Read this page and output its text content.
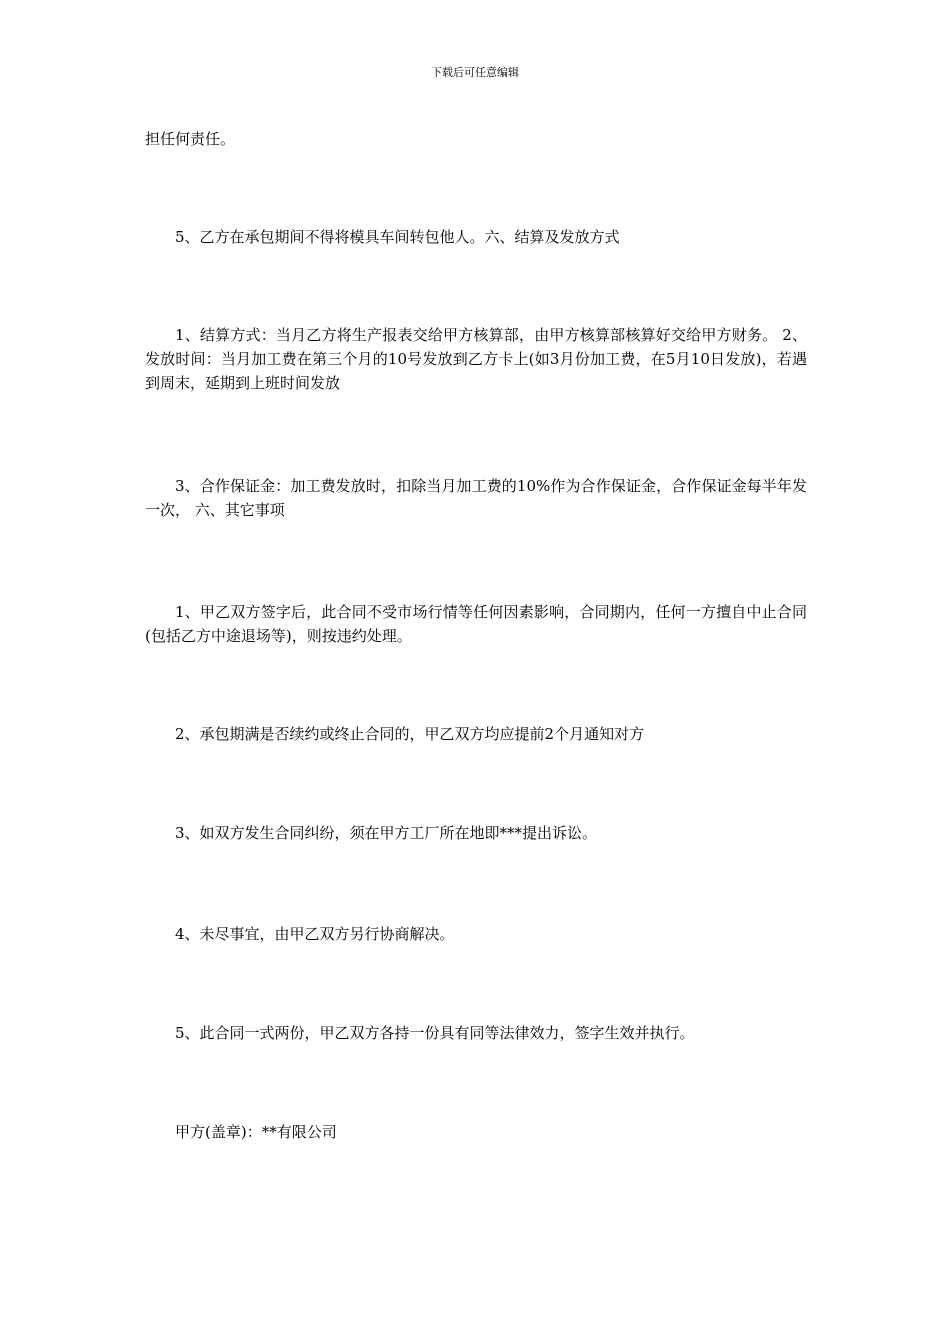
下载后可任意编辑

担任何责任。

5、乙方在承包期间不得将模具车间转包他人。六、结算及发放方式

1、结算方式：当月乙方将生产报表交给甲方核算部，由甲方核算部核算好交给甲方财务。 2、发放时间：当月加工费在第三个月的10号发放到乙方卡上(如3月份加工费，在5月10日发放)，若遇到周末，延期到上班时间发放

3、合作保证金：加工费发放时，扣除当月加工费的10%作为合作保证金，合作保证金每半年发一次， 六、其它事项

1、甲乙双方签字后，此合同不受市场行情等任何因素影响，合同期内，任何一方擅自中止合同(包括乙方中途退场等)，则按违约处理。

2、承包期满是否续约或终止合同的，甲乙双方均应提前2个月通知对方

3、如双方发生合同纠纷，须在甲方工厂所在地即***提出诉讼。

4、未尽事宜，由甲乙双方另行协商解决。

5、此合同一式两份，甲乙双方各持一份具有同等法律效力，签字生效并执行。

甲方(盖章)：**有限公司
